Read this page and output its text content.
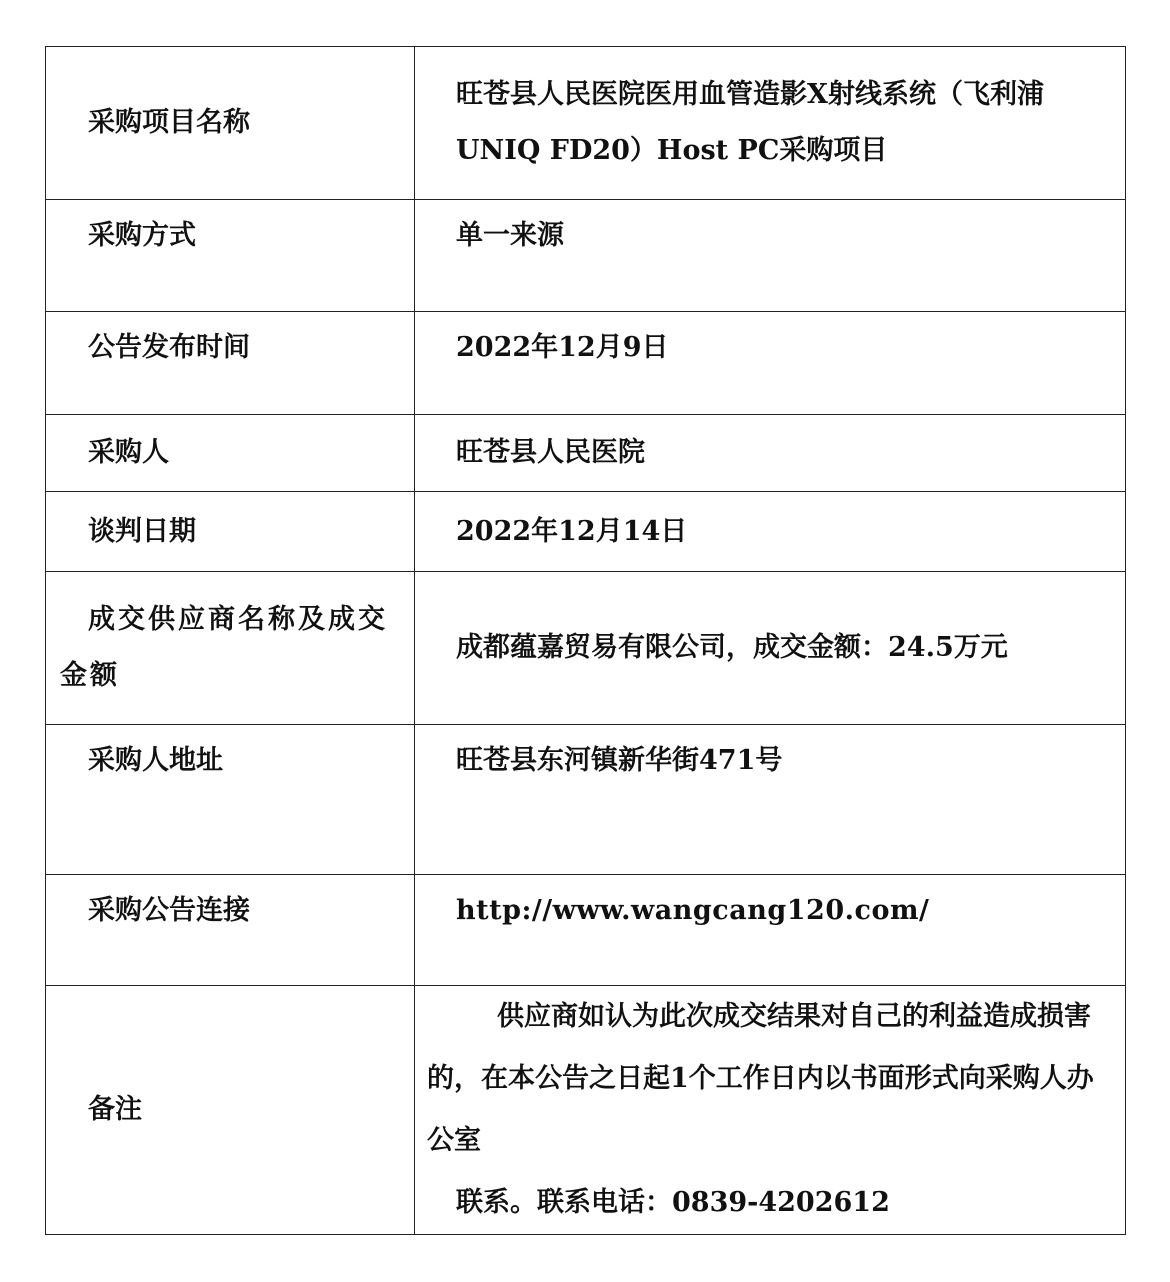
采购项目名称	旺苍县人民医院医用血管造影X射线系统（飞利浦UNIQ FD20）Host PC采购项目
采购方式	单一来源
公告发布时间	2022年12月9日
采购人	旺苍县人民医院
谈判日期	2022年12月14日
成交供应商名称及成交金额	成都蕴嘉贸易有限公司，成交金额：24.5万元
采购人地址	旺苍县东河镇新华街471号
采购公告连接	http://www.wangcang120.com/
备注	供应商如认为此次成交结果对自己的利益造成损害的，在本公告之日起1个工作日内以书面形式向采购人办公室

联系。联系电话：0839-4202612
